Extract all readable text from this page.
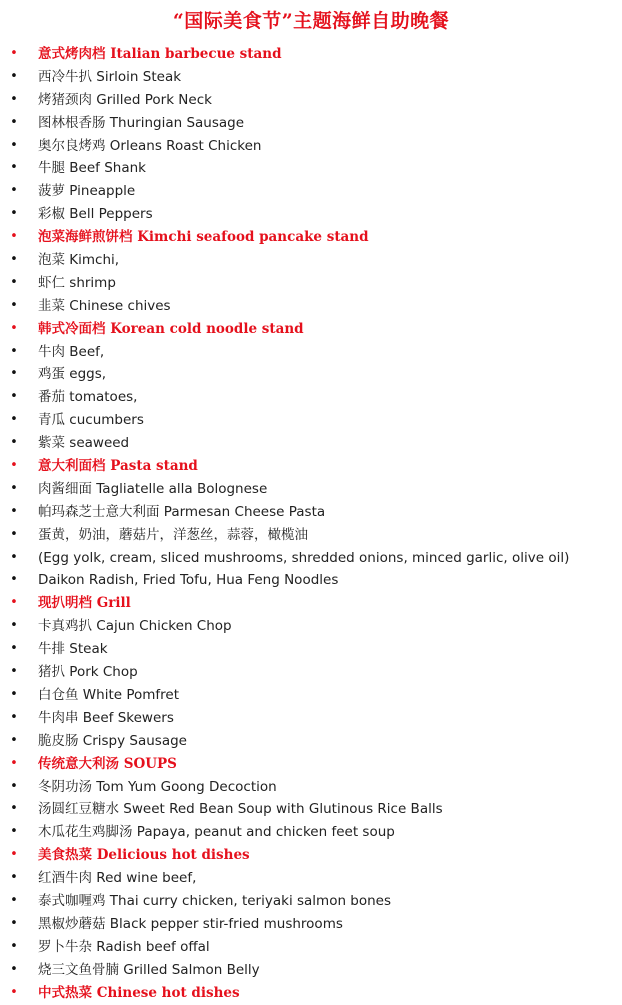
“国际美食节”主题海鲜自助晚餐
• 意式烤肉档 Italian barbecue stand
• 西冷牛扒 Sirloin Steak
• 烤猪颈肉 Grilled Pork Neck
• 图林根香肠 Thuringian Sausage
• 奥尔良烤鸡 Orleans Roast Chicken
• 牛腿 Beef Shank
• 菠萝 Pineapple
• 彩椒 Bell Peppers
• 泡菜海鲜煎饼档 Kimchi seafood pancake stand
• 泡菜 Kimchi,
• 虾仁 shrimp
• 韭菜 Chinese chives
• 韩式冷面档 Korean cold noodle stand
• 牛肉 Beef,
• 鸡蛋 eggs,
• 番茄 tomatoes,
• 青瓜 cucumbers
• 紫菜 seaweed
• 意大利面档 Pasta stand
• 肉酱细面 Tagliatelle alla Bolognese
• 帕玛森芝士意大利面 Parmesan Cheese Pasta
• 蛋黄，奶油，蘑菇片，洋葱丝，蒜蓉，橄榄油
• (Egg yolk, cream, sliced mushrooms, shredded onions, minced garlic, olive oil)
• Daikon Radish, Fried Tofu, Hua Feng Noodles
• 现扒明档 Grill
• 卡真鸡扒 Cajun Chicken Chop
• 牛排 Steak
• 猪扒 Pork Chop
• 白仓鱼 White Pomfret
• 牛肉串 Beef Skewers
• 脆皮肠 Crispy Sausage
• 传统意大利汤 SOUPS
• 冬阴功汤 Tom Yum Goong Decoction
• 汤圆红豆糖水 Sweet Red Bean Soup with Glutinous Rice Balls
• 木瓜花生鸡脚汤 Papaya, peanut and chicken feet soup
• 美食热菜 Delicious hot dishes
• 红酒牛肉 Red wine beef,
• 泰式咖喱鸡 Thai curry chicken, teriyaki salmon bones
• 黑椒炒蘑菇 Black pepper stir-fried mushrooms
• 罗卜牛杂 Radish beef offal
• 烧三文鱼骨腩 Grilled Salmon Belly
• 中式热菜 Chinese hot dishes
